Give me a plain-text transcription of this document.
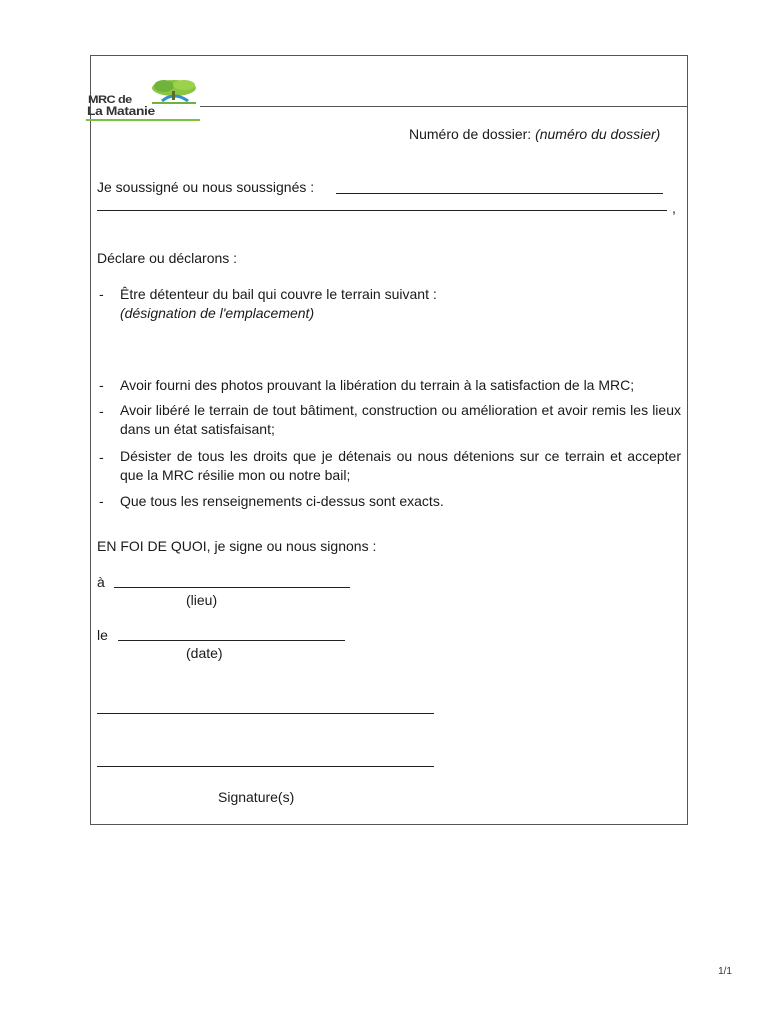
MRC de
La Matanie
Numéro de dossier: (numéro du dossier)
Je soussigné ou nous soussignés :
,
Déclare ou déclarons :
- Être détenteur du bail qui couvre le terrain suivant :
(désignation de l'emplacement)
- Avoir fourni des photos prouvant la libération du terrain à la satisfaction de la MRC;
- Avoir libéré le terrain de tout bâtiment, construction ou amélioration et avoir remis les lieux dans un état satisfaisant;
- Désister de tous les droits que je détenais ou nous détenions sur ce terrain et accepter que la MRC résilie mon ou notre bail;
- Que tous les renseignements ci-dessus sont exacts.
EN FOI DE QUOI, je signe ou nous signons :
à
(lieu)
le
(date)
Signature(s)
1/1
